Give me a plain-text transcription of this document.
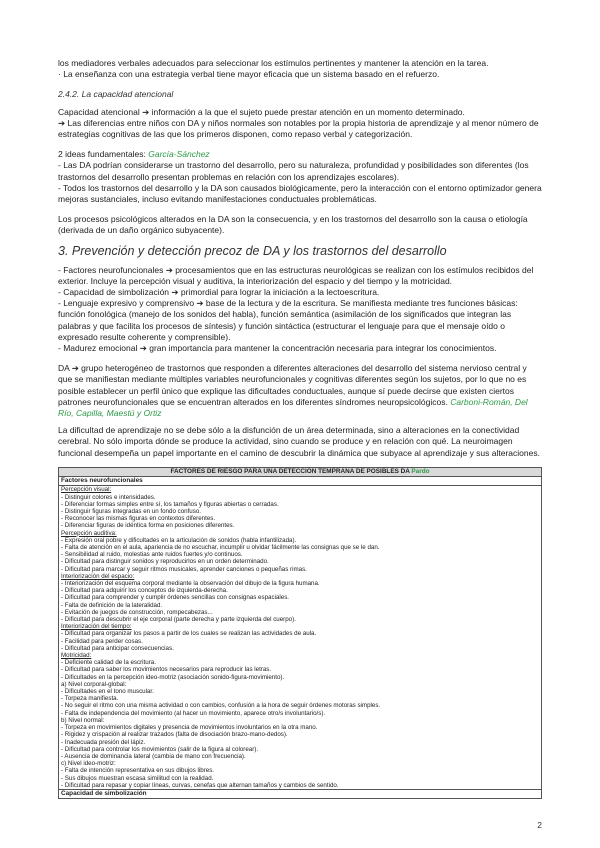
los mediadores verbales adecuados para seleccionar los estímulos pertinentes y mantener la atención en la tarea.

· La enseñanza con una estrategia verbal tiene mayor eficacia que un sistema basado en el refuerzo.

2.4.2. La capacidad atencional

Capacidad atencional ➔ información a la que el sujeto puede prestar atención en un momento determinado.

➔ Las diferencias entre niños con DA y niños normales son notables por la propia historia de aprendizaje y al menor número de estrategias cognitivas de las que los primeros disponen, como repaso verbal y categorización.

2 ideas fundamentales: García-Sánchez

- Las DA podrían considerarse un trastorno del desarrollo, pero su naturaleza, profundidad y posibilidades son diferentes (los trastornos del desarrollo presentan problemas en relación con los aprendizajes escolares).

- Todos los trastornos del desarrollo y la DA son causados biológicamente, pero la interacción con el entorno optimizador genera mejoras sustanciales, incluso evitando manifestaciones conductuales problemáticas.

Los procesos psicológicos alterados en la DA son la consecuencia, y en los trastornos del desarrollo son la causa o etiología (derivada de un daño orgánico subyacente).

3. Prevención y detección precoz de DA y los trastornos del desarrollo

- Factores neurofuncionales ➔ procesamientos que en las estructuras neurológicas se realizan con los estímulos recibidos del exterior. Incluye la percepción visual y auditiva, la interiorización del espacio y del tiempo y la motricidad.

- Capacidad de simbolización ➔ primordial para lograr la iniciación a la lectoescritura.

- Lenguaje expresivo y comprensivo ➔ base de la lectura y de la escritura. Se manifiesta mediante tres funciones básicas: función fonológica (manejo de los sonidos del habla), función semántica (asimilación de los significados que integran las palabras y que facilita los procesos de síntesis) y función sintáctica (estructurar el lenguaje para que el mensaje oído o expresado resulte coherente y comprensible).

- Madurez emocional ➔ gran importancia para mantener la concentración necesaria para integrar los conocimientos.

DA ➔ grupo heterogéneo de trastornos que responden a diferentes alteraciones del desarrollo del sistema nervioso central y que se manifiestan mediante múltiples variables neurofuncionales y cognitivas diferentes según los sujetos, por lo que no es posible establecer un perfil único que explique las dificultades conductuales, aunque sí puede decirse que existen ciertos patrones neurofuncionales que se encuentran alterados en los diferentes síndromes neuropsicológicos. Carboni-Román, Del Río, Capilla, Maestú y Ortiz

La dificultad de aprendizaje no se debe sólo a la disfunción de un área determinada, sino a alteraciones en la conectividad cerebral. No sólo importa dónde se produce la actividad, sino cuando se produce y en relación con qué. La neuroimagen funcional desempeña un papel importante en el camino de descubrir la dinámica que subyace al aprendizaje y sus alteraciones.

FACTORES DE RIESGO PARA UNA DETECCIÓN TEMPRANA DE POSIBLES DA Pardo
Factores neurofuncionales

Percepción visual:
- Distinguir colores e intensidades.
- Diferenciar formas simples entre sí, los tamaños y figuras abiertas o cerradas.
- Distinguir figuras integradas en un fondo confuso.
- Reconocer las mismas figuras en contextos diferentes.
- Diferenciar figuras de idéntica forma en posiciones diferentes.
Percepción auditiva:
- Expresión oral pobre y dificultades en la articulación de sonidos (habla infantilizada).
- Falta de atención en el aula, apariencia de no escuchar, incumplir u olvidar fácilmente las consignas que se le dan.
- Sensibilidad al ruido, molestias ante ruidos fuertes y/o continuos.
- Dificultad para distinguir sonidos y reproducirlos en un orden determinado.
- Dificultad para marcar y seguir ritmos musicales, aprender canciones o pequeñas rimas.
Interiorización del espacio:
- Interiorización del esquema corporal mediante la observación del dibujo de la figura humana.
- Dificultad para adquirir los conceptos de izquierda-derecha.
- Dificultad para comprender y cumplir órdenes sencillas con consignas espaciales.
- Falta de definición de la lateralidad.
- Evitación de juegos de construcción, rompecabezas...
- Dificultad para descubrir el eje corporal (parte derecha y parte izquierda del cuerpo).
Interiorización del tiempo:
- Dificultad para organizar los pasos a partir de los cuales se realizan las actividades de aula.
- Facilidad para perder cosas.
- Dificultad para anticipar consecuencias.
Motricidad:
- Deficiente calidad de la escritura.
- Dificultad para saber los movimientos necesarios para reproducir las letras.
- Dificultades en la percepción ideo-motriz (asociación sonido-figura-movimiento).
a) Nivel corporal-global:
- Dificultades en el tono muscular.
- Torpeza manifiesta.
- No seguir el ritmo con una misma actividad o con cambios, confusión a la hora de seguir órdenes motoras simples.
- Falta de independencia del movimiento (al hacer un movimiento, aparece otro/s involuntario/s).
b) Nivel normal:
- Torpeza en movimientos digitales y presencia de movimientos involuntarios en la otra mano.
- Rigidez y crispación al realizar trazados (falta de disociación brazo-mano-dedos).
- Inadecuada presión del lápiz.
- Dificultad para controlar los movimientos (salir de la figura al colorear).
- Ausencia de dominancia lateral (cambia de mano con frecuencia).
c) Nivel ideo-motriz:
- Falta de intención representativa en sus dibujos libres.
- Sus dibujos muestran escasa similitud con la realidad.
- Dificultad para repasar y copiar líneas, curvas, cenefas que alternan tamaños y cambios de sentido.

Capacidad de simbolización
2
